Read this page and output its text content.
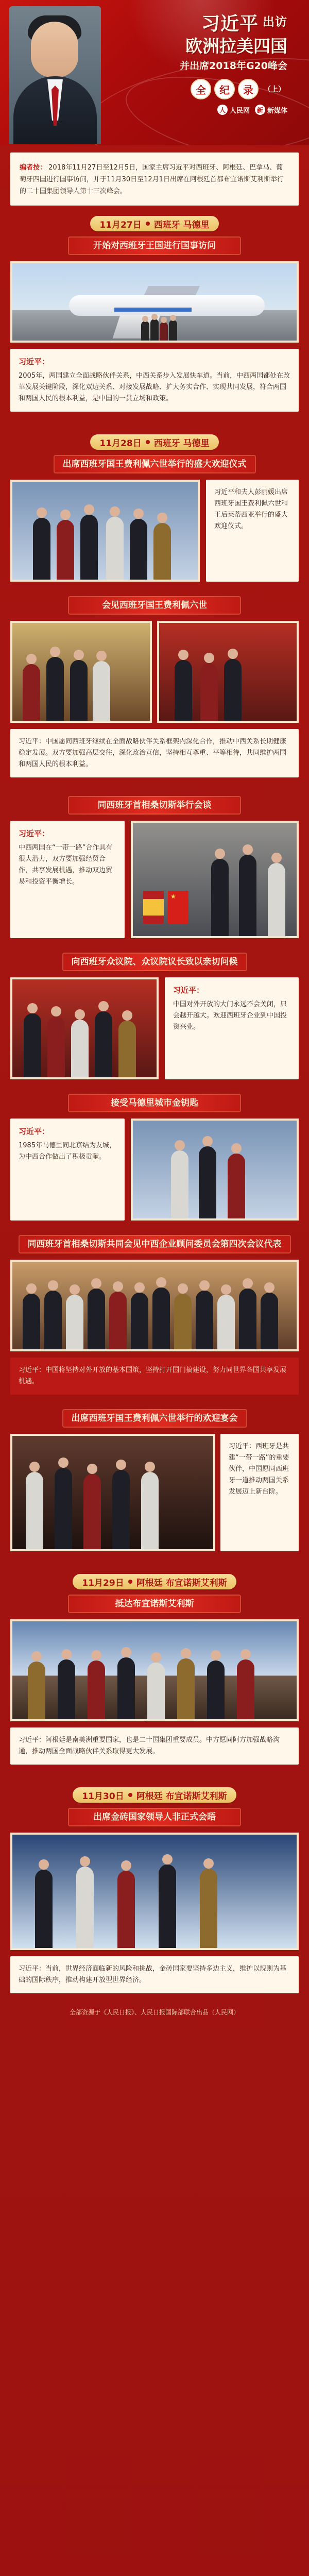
习近平 $^{出访}$
欧洲拉美四国
并出席2018年G20峰会
全	纪	录	（上）
人 人民网	新 新媒体
编者按： 2018年11月27日至12月5日，国家主席习近平对西班牙、阿根廷、巴拿马、葡萄牙四国进行国事访问，并于11月30日至12月1日出席在阿根廷首都布宜诺斯艾利斯举行的二十国集团领导人第十三次峰会。
11月27日 西班牙 马德里
开始对西班牙王国进行国事访问
习近平：
2005年，两国建立全面战略伙伴关系，中西关系步入发展快车道。当前，中西两国都处在改革发展关键阶段，深化双边关系、对接发展战略、扩大务实合作、实现共同发展，符合两国和两国人民的根本利益，是中国的一贯立场和政策。
11月28日 西班牙 马德里
出席西班牙国王费利佩六世举行的盛大欢迎仪式
习近平和夫人彭丽媛出席西班牙国王费利佩六世和王后莱蒂西亚举行的盛大欢迎仪式。
会见西班牙国王费利佩六世
习近平：中国愿同西班牙继续在全面战略伙伴关系框架内深化合作，推动中西关系长期健康稳定发展。双方要加强高层交往，深化政治互信，坚持相互尊重、平等相待，共同维护两国和两国人民的根本利益。
同西班牙首相桑切斯举行会谈
习近平：
中西两国在“一带一路”合作具有很大潜力，双方要加强经贸合作，共享发展机遇，推动双边贸易和投资平衡增长。
★
向西班牙众议院、众议院议长致以亲切问候
习近平：
中国对外开放的大门永远不会关闭，只会越开越大。欢迎西班牙企业到中国投资兴业。
接受马德里城市金钥匙
习近平：
1985年马德里同北京结为友城，为中西合作做出了积极贡献。
同西班牙首相桑切斯共同会见中西企业顾问委员会第四次会议代表
习近平：中国将坚持对外开放的基本国策，坚持打开国门搞建设，努力同世界各国共享发展机遇。
出席西班牙国王费利佩六世举行的欢迎宴会
习近平：西班牙是共建“一带一路”的重要伙伴，中国愿同西班牙一道推动两国关系发展迈上新台阶。
11月29日 阿根廷 布宜诺斯艾利斯
抵达布宜诺斯艾利斯
习近平：阿根廷是南美洲重要国家，也是二十国集团重要成员。中方愿同阿方加强战略沟通，推动两国全面战略伙伴关系取得更大发展。
11月30日 阿根廷 布宜诺斯艾利斯
出席金砖国家领导人非正式会晤
习近平：当前，世界经济面临新的风险和挑战，金砖国家要坚持多边主义，维护以规则为基础的国际秩序，推动构建开放型世界经济。
全部资源于《人民日报》、人民日报国际部联合出品（人民网）
